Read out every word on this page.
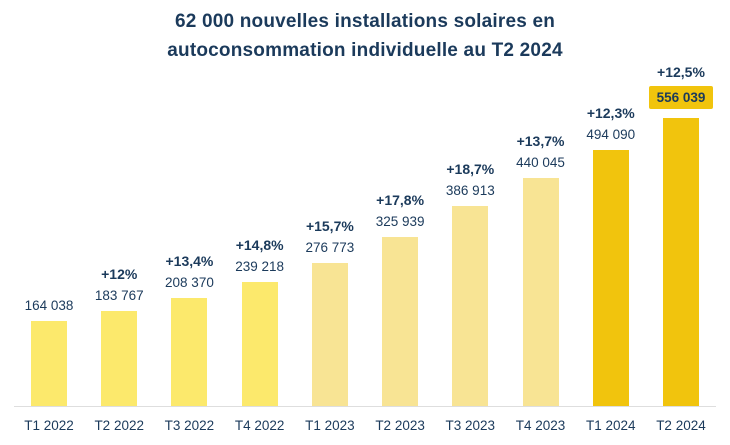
62 000 nouvelles installations solaires en
autoconsommation individuelle au T2 2024
164 038
+12%
183 767
+13,4%
208 370
+14,8%
239 218
+15,7%
276 773
+17,8%
325 939
+18,7%
386 913
+13,7%
440 045
+12,3%
494 090
+12,5%
556 039
T1 2022	T2 2022	T3 2022	T4 2022	T1 2023	T2 2023	T3 2023	T4 2023	T1 2024	T2 2024
